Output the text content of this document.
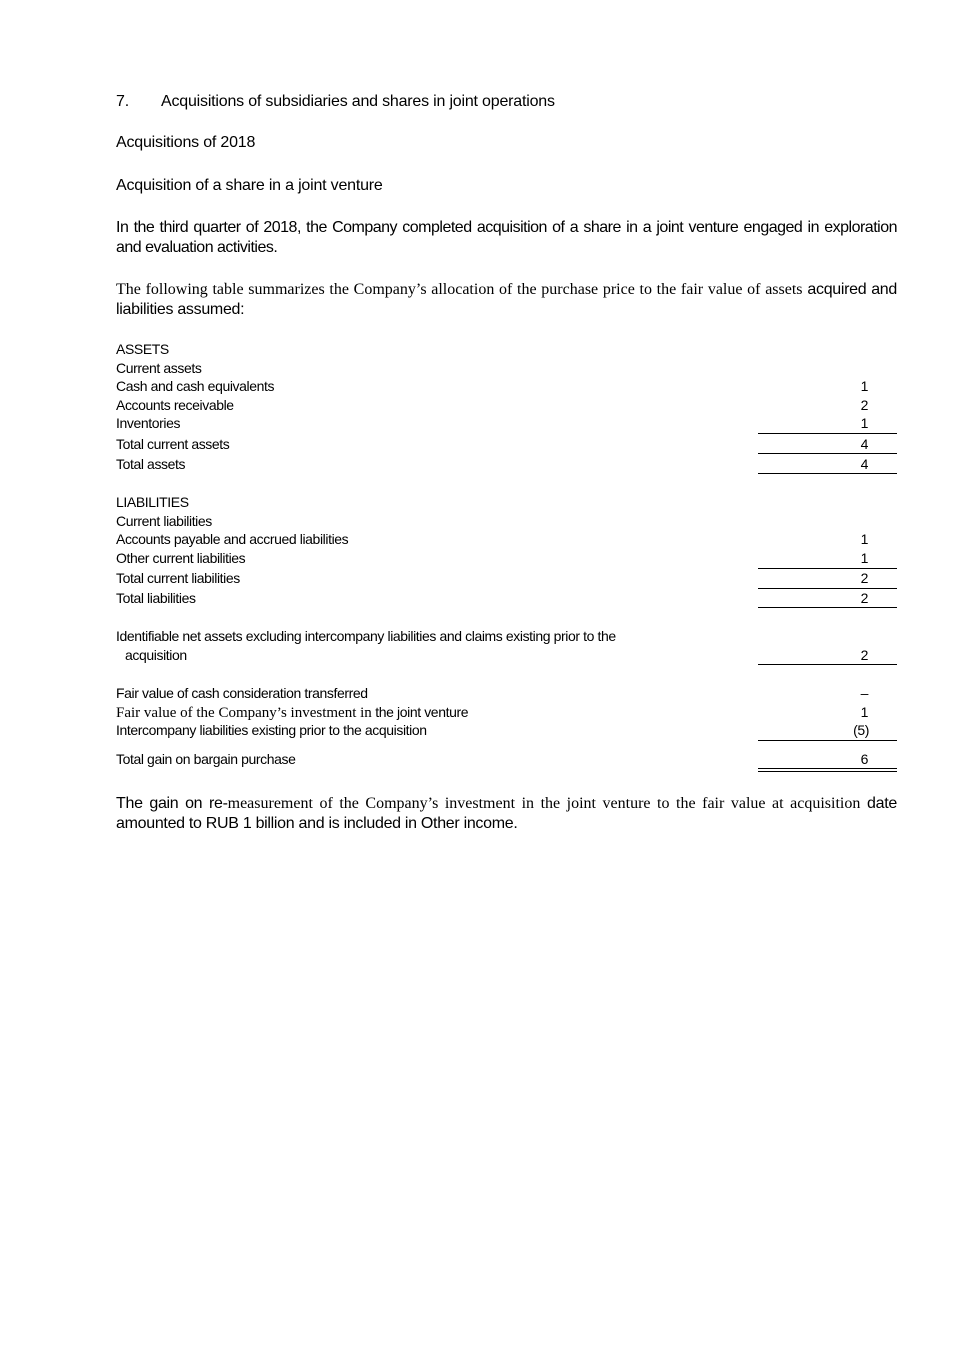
7. Acquisitions of subsidiaries and shares in joint operations
Acquisitions of 2018
Acquisition of a share in a joint venture
In the third quarter of 2018, the Company completed acquisition of a share in a joint venture engaged in exploration and evaluation activities.
The following table summarizes the Company’s allocation of the purchase price to the fair value of assets acquired and liabilities assumed:
ASSETS
Current assets
Cash and cash equivalents	1
Accounts receivable	2
Inventories	1
Total current assets	4
Total assets	4
LIABILITIES
Current liabilities
Accounts payable and accrued liabilities	1
Other current liabilities	1
Total current liabilities	2
Total liabilities	2
Identifiable net assets excluding intercompany liabilities and claims existing prior to the
acquisition	2
Fair value of cash consideration transferred	–
Fair value of the Company’s investment in the joint venture	1
Intercompany liabilities existing prior to the acquisition	(5)
Total gain on bargain purchase	6
The gain on re-measurement of the Company’s investment in the joint venture to the fair value at acquisition date amounted to RUB 1 billion and is included in Other income.
